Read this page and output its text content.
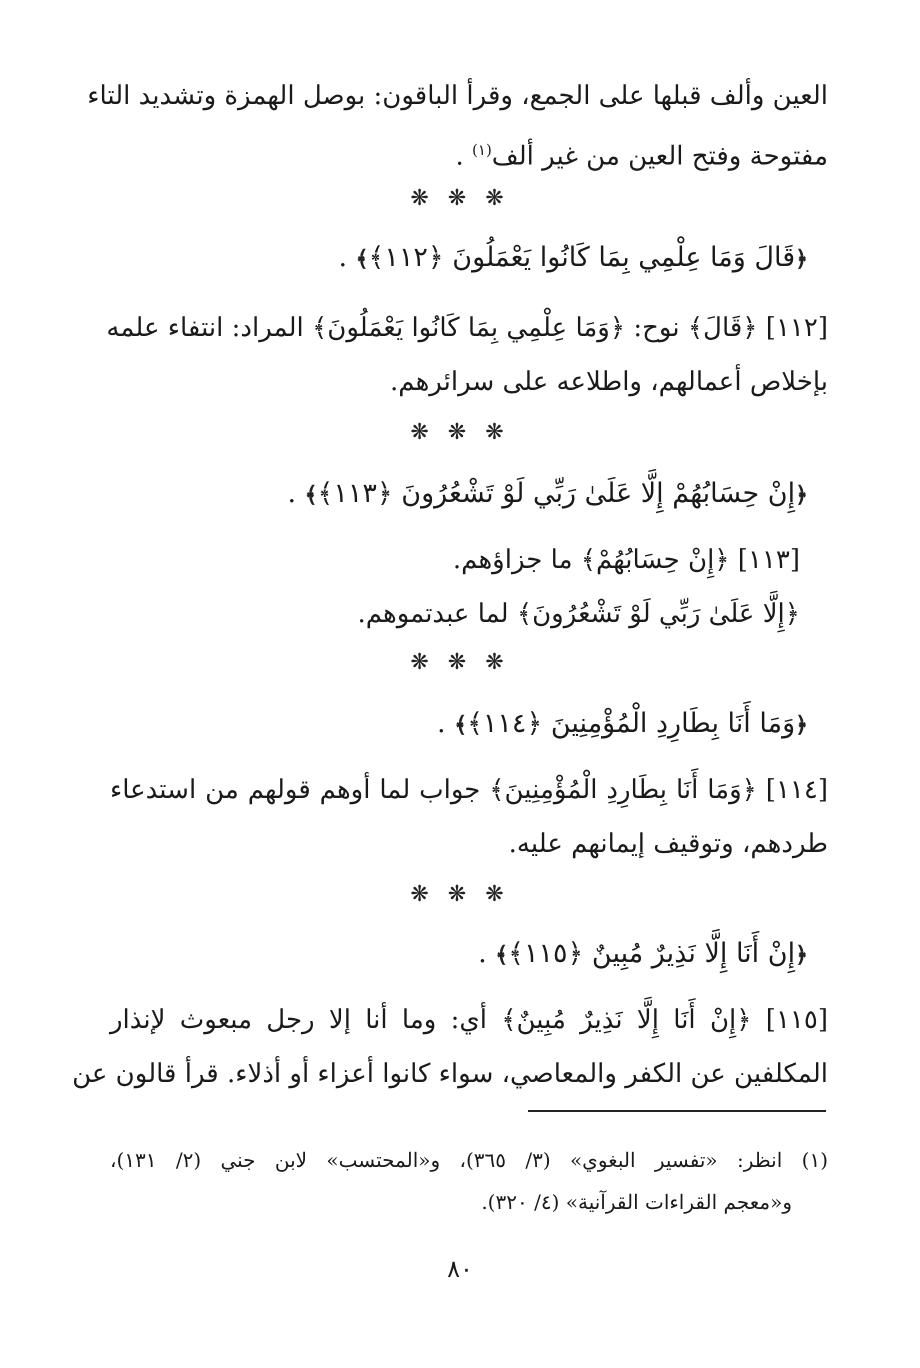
العين وألف قبلها على الجمع، وقرأ الباقون: بوصل الهمزة وتشديد التاء
مفتوحة وفتح العين من غير ألف$^{(١)}$ .
❋ ❋ ❋
﴿قَالَ وَمَا عِلْمِي بِمَا كَانُوا يَعْمَلُونَ ﴿١١٢﴾﴾ .
[١١٢] ﴿قَالَ﴾ نوح: ﴿وَمَا عِلْمِي بِمَا كَانُوا يَعْمَلُونَ﴾ المراد: انتفاء علمه
بإخلاص أعمالهم، واطلاعه على سرائرهم.
❋ ❋ ❋
﴿إِنْ حِسَابُهُمْ إِلَّا عَلَىٰ رَبِّي لَوْ تَشْعُرُونَ ﴿١١٣﴾﴾ .
[١١٣] ﴿إِنْ حِسَابُهُمْ﴾ ما جزاؤهم.
﴿إِلَّا عَلَىٰ رَبِّي لَوْ تَشْعُرُونَ﴾ لما عبدتموهم.
❋ ❋ ❋
﴿وَمَا أَنَا بِطَارِدِ الْمُؤْمِنِينَ ﴿١١٤﴾﴾ .
[١١٤] ﴿وَمَا أَنَا بِطَارِدِ الْمُؤْمِنِينَ﴾ جواب لما أوهم قولهم من استدعاء
طردهم، وتوقيف إيمانهم عليه.
❋ ❋ ❋
﴿إِنْ أَنَا إِلَّا نَذِيرٌ مُبِينٌ ﴿١١٥﴾﴾ .
[١١٥] ﴿إِنْ أَنَا إِلَّا نَذِيرٌ مُبِينٌ﴾ أي: وما أنا إلا رجل مبعوث لإنذار
المكلفين عن الكفر والمعاصي، سواء كانوا أعزاء أو أذلاء. قرأ قالون عن
(١) انظر: «تفسير البغوي» (٣/ ٣٦٥)، و«المحتسب» لابن جني (٢/ ١٣١)،
و«معجم القراءات القرآنية» (٤/ ٣٢٠).
٨٠
